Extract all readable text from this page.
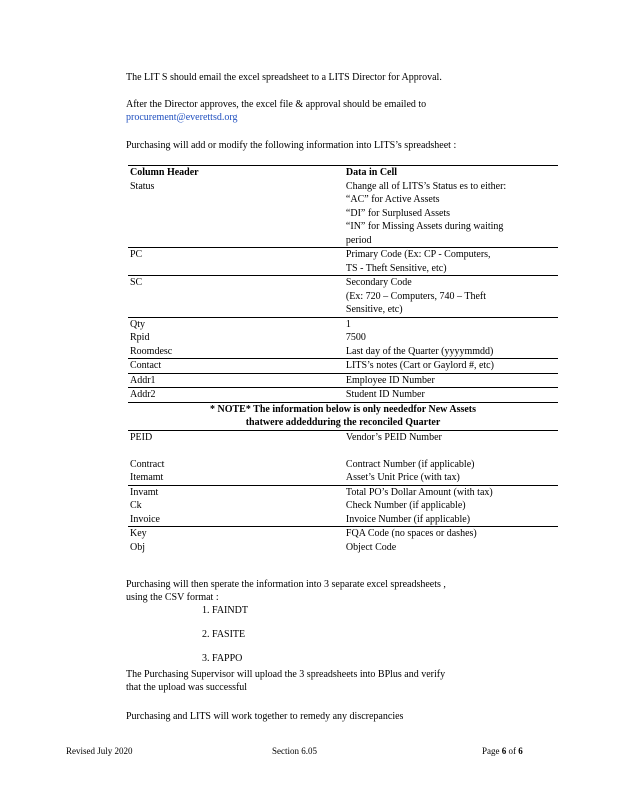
The LIT S should email the excel spreadsheet to a LITS Director for Approval.
After the Director approves, the excel file & approval should be emailed to
procurement@everettsd.org
Purchasing will add or modify the following information into LITS’s spreadsheet :
Column Header	Data in Cell
Status	Change all of LITS’s Status es to either:
“AC” for Active Assets
“DI” for Surplused Assets
“IN” for Missing Assets during waiting
period

PC	Primary Code (Ex: CP - Computers,
TS - Theft Sensitive, etc)

SC	Secondary Code
(Ex: 720 – Computers, 740 – Theft
Sensitive, etc)

Qty	1

Rpid	7500

Roomdesc	Last day of the Quarter (yyyymmdd)

Contact	LITS’s notes (Cart or Gaylord #, etc)

Addr1	Employee ID Number

Addr2	Student ID Number

* NOTE* The information below is only neededfor New Assets
thatwere addedduring the reconciled Quarter	

PEID	Vendor’s PEID Number

Contract	Contract Number (if applicable)

Itemamt	Asset’s Unit Price (with tax)

Invamt	Total PO’s Dollar Amount (with tax)

Ck	Check Number (if applicable)

Invoice	Invoice Number (if applicable)

Key	FQA Code (no spaces or dashes)

Obj	Object Code
Purchasing will then sperate the information into 3 separate excel spreadsheets ,
using the CSV format :
1. FAINDT
2. FASITE
3. FAPPO
The Purchasing Supervisor will upload the 3 spreadsheets into BPlus and verify
that the upload was successful
Purchasing and LITS will work together to remedy any discrepancies
Revised July 2020	Section 6.05	Page 6 of 6
